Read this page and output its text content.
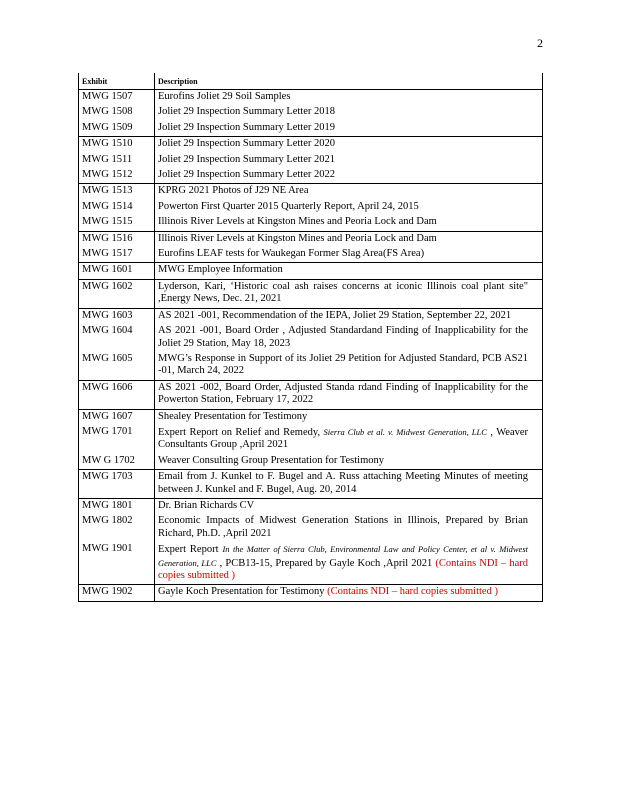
2
Exhibit	Description
MWG 1507	Eurofins Joliet 29 Soil Samples
MWG 1508	Joliet 29 Inspection Summary Letter 2018
MWG 1509	Joliet 29 Inspection Summary Letter 2019
MWG 1510	Joliet 29 Inspection Summary Letter 2020
MWG 1511	Joliet 29 Inspection Summary Letter 2021
MWG 1512	Joliet 29 Inspection Summary Letter 2022
MWG 1513	KPRG 2021 Photos of J29 NE Area
MWG 1514	Powerton First Quarter 2015 Quarterly Report, April 24, 2015
MWG 1515	Illinois River Levels at Kingston Mines and Peoria Lock and Dam
MWG 1516	Illinois River Levels at Kingston Mines and Peoria Lock and Dam
MWG 1517	Eurofins LEAF tests for Waukegan Former Slag Area(FS Area)
MWG 1601	MWG Employee Information
MWG 1602	Lyderson, Kari, ‘Historic coal ash raises concerns at iconic Illinois coal plant site" ,Energy News, Dec. 21, 2021
MWG 1603	AS 2021 -001, Recommendation of the IEPA, Joliet 29 Station, September 22, 2021
MWG 1604	AS 2021 -001, Board Order , Adjusted Standardand Finding of Inapplicability for the Joliet 29 Station, May 18, 2023
MWG 1605	MWG’s Response in Support of its Joliet 29 Petition for Adjusted Standard, PCB AS21 -01, March 24, 2022
MWG 1606	AS 2021 -002, Board Order, Adjusted Standa rdand Finding of Inapplicability for the Powerton Station, February 17, 2022
MWG 1607	Shealey Presentation for Testimony
MWG 1701	Expert Report on Relief and Remedy, Sierra Club et al. v. Midwest Generation, LLC , Weaver Consultants Group ,April 2021
MW G 1702	Weaver Consulting Group Presentation for Testimony
MWG 1703	Email from J. Kunkel to F. Bugel and A. Russ attaching Meeting Minutes of meeting between J. Kunkel and F. Bugel, Aug. 20, 2014
MWG 1801	Dr. Brian Richards CV
MWG 1802	Economic Impacts of Midwest Generation Stations in Illinois, Prepared by Brian Richard, Ph.D. ,April 2021
MWG 1901	Expert Report In the Matter of Sierra Club, Environmental Law and Policy Center, et al v. Midwest Generation, LLC , PCB13-15, Prepared by Gayle Koch ,April 2021 (Contains NDI – hard copies submitted )
MWG 1902	Gayle Koch Presentation for Testimony (Contains NDI – hard copies submitted )
